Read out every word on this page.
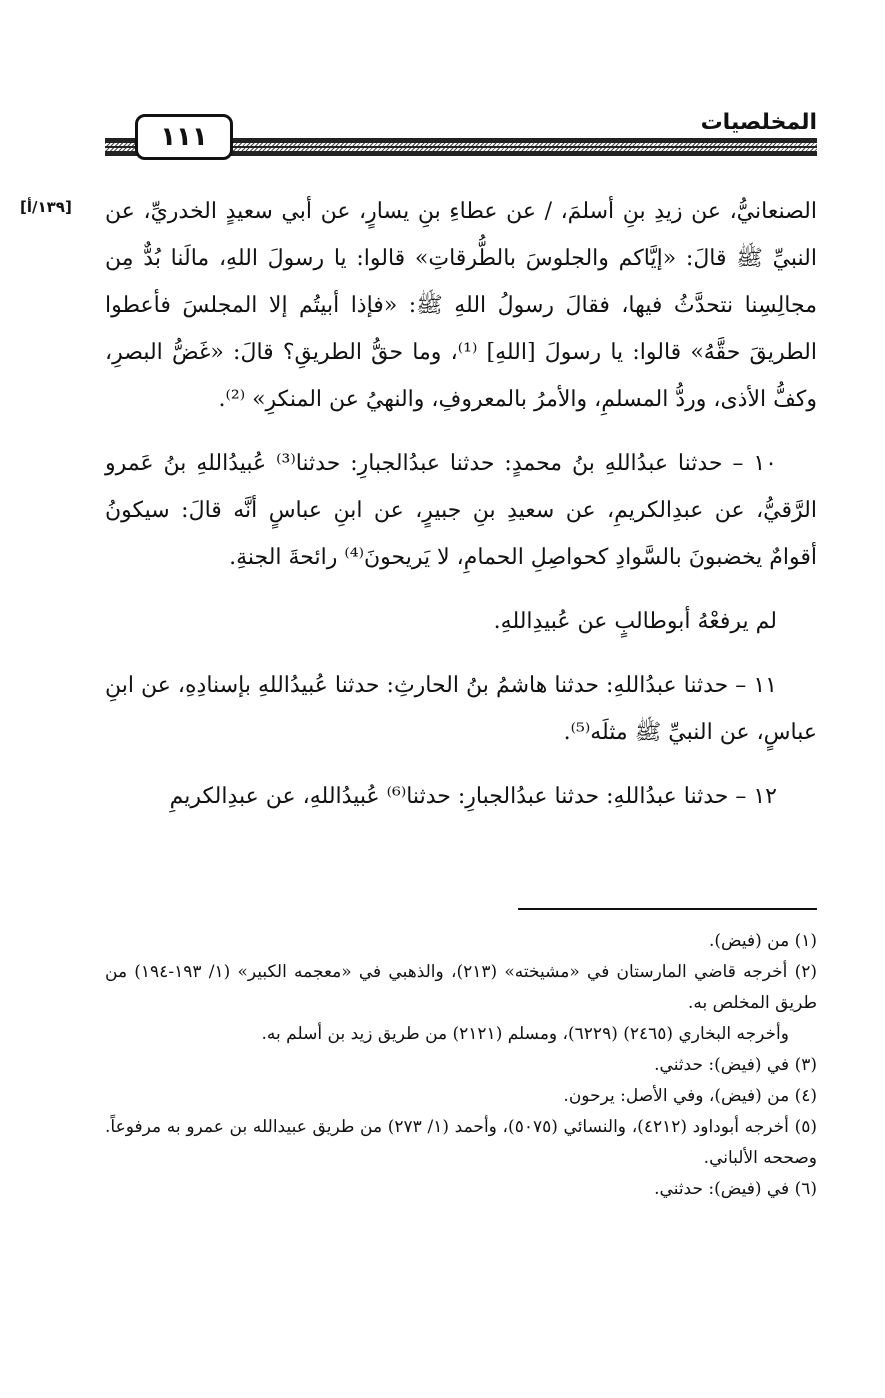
المخلصيات
١١١
[١٣٩/أ] الصنعانيُّ، عن زيدِ بنِ أسلمَ، / عن عطاءِ بنِ يسارٍ، عن أبي سعيدٍ الخدريِّ، عن النبيِّ ﷺ قالَ: «إيَّاكم والجلوسَ بالطُّرقاتِ» قالوا: يا رسولَ اللهِ، مالَنا بُدٌّ مِن مجالِسِنا نتحدَّثُ فيها، فقالَ رسولُ اللهِ ﷺ: «فإذا أبيتُم إلا المجلسَ فأعطوا الطريقَ حقَّهُ» قالوا: يا رسولَ [اللهِ] ⁽¹⁾، وما حقُّ الطريقِ؟ قالَ: «غَضُّ البصرِ، وكفُّ الأذى، وردُّ المسلمِ، والأمرُ بالمعروفِ، والنهيُ عن المنكرِ» ⁽²⁾.

١٠ – حدثنا عبدُاللهِ بنُ محمدٍ: حدثنا عبدُالجبارِ: حدثنا⁽³⁾ عُبيدُاللهِ بنُ عَمرو الرَّقيُّ، عن عبدِالكريمِ، عن سعيدِ بنِ جبيرٍ، عن ابنِ عباسٍ أنَّه قالَ: سيكونُ أقوامٌ يخضبونَ بالسَّوادِ كحواصِلِ الحمامِ، لا يَريحونَ⁽⁴⁾ رائحةَ الجنةِ.

لم يرفعْهُ أبوطالبٍ عن عُبيدِاللهِ.

١١ – حدثنا عبدُاللهِ: حدثنا هاشمُ بنُ الحارثِ: حدثنا عُبيدُاللهِ بإسنادِهِ، عن ابنِ عباسٍ، عن النبيِّ ﷺ مثلَه⁽⁵⁾.

١٢ – حدثنا عبدُاللهِ: حدثنا عبدُالجبارِ: حدثنا⁽⁶⁾ عُبيدُاللهِ، عن عبدِالكريمِ

(١) من (فيض).

(٢) أخرجه قاضي المارستان في «مشيخته» (٢١٣)، والذهبي في «معجمه الكبير» (١/ ١٩٣-١٩٤) من طريق المخلص به.

وأخرجه البخاري (٢٤٦٥) (٦٢٢٩)، ومسلم (٢١٢١) من طريق زيد بن أسلم به.

(٣) في (فيض): حدثني.

(٤) من (فيض)، وفي الأصل: يرحون.

(٥) أخرجه أبوداود (٤٢١٢)، والنسائي (٥٠٧٥)، وأحمد (١/ ٢٧٣) من طريق عبيدالله بن عمرو به مرفوعاً. وصححه الألباني.

(٦) في (فيض): حدثني.
